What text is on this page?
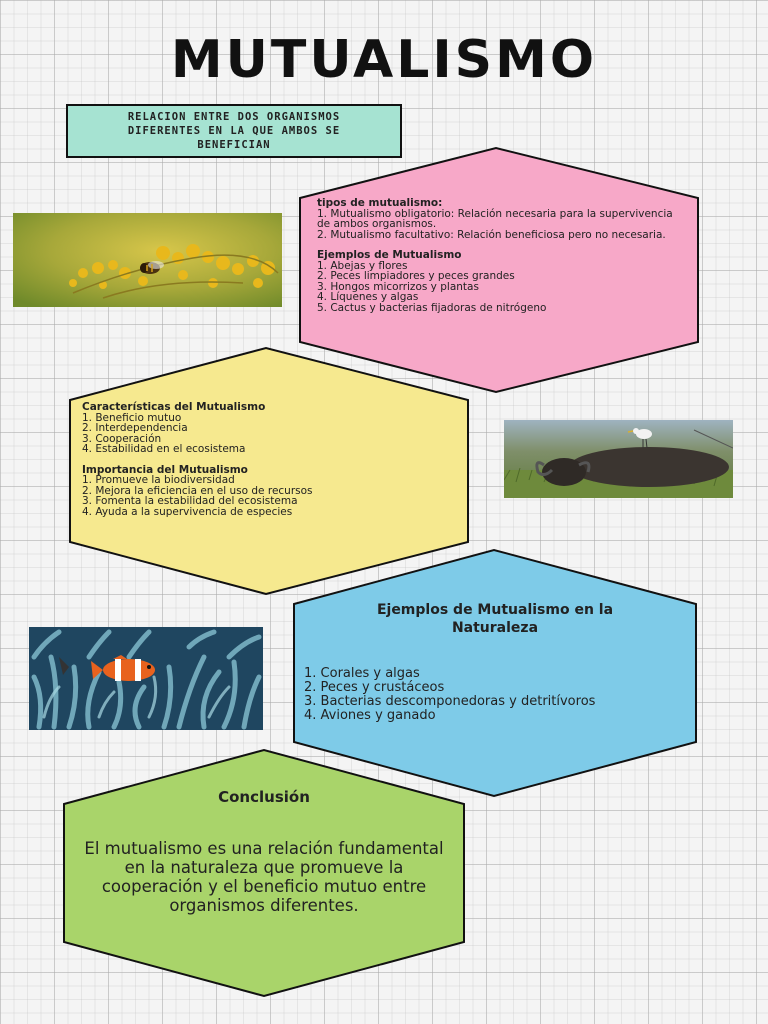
MUTUALISMO
RELACION ENTRE DOS ORGANISMOS DIFERENTES EN LA QUE AMBOS SE BENEFICIAN
tipos de mutualismo:
1. Mutualismo obligatorio: Relación necesaria para la supervivencia de ambos organismos.
2. Mutualismo facultativo: Relación beneficiosa pero no necesaria.
Ejemplos de Mutualismo
1. Abejas y flores
2. Peces limpiadores y peces grandes
3. Hongos micorrizos y plantas
4. Líquenes y algas
5. Cactus y bacterias fijadoras de nitrógeno
Características del Mutualismo
1. Beneficio mutuo
2. Interdependencia
3. Cooperación
4. Estabilidad en el ecosistema
Importancia del Mutualismo
1. Promueve la biodiversidad
2. Mejora la eficiencia en el uso de recursos
3. Fomenta la estabilidad del ecosistema
4. Ayuda a la supervivencia de especies
Ejemplos de Mutualismo en la Naturaleza
1. Corales y algas
2. Peces y crustáceos
3. Bacterias descomponedoras y detritívoros
4. Aviones y ganado
Conclusión
El mutualismo es una relación fundamental en la naturaleza que promueve la cooperación y el beneficio mutuo entre organismos diferentes.
